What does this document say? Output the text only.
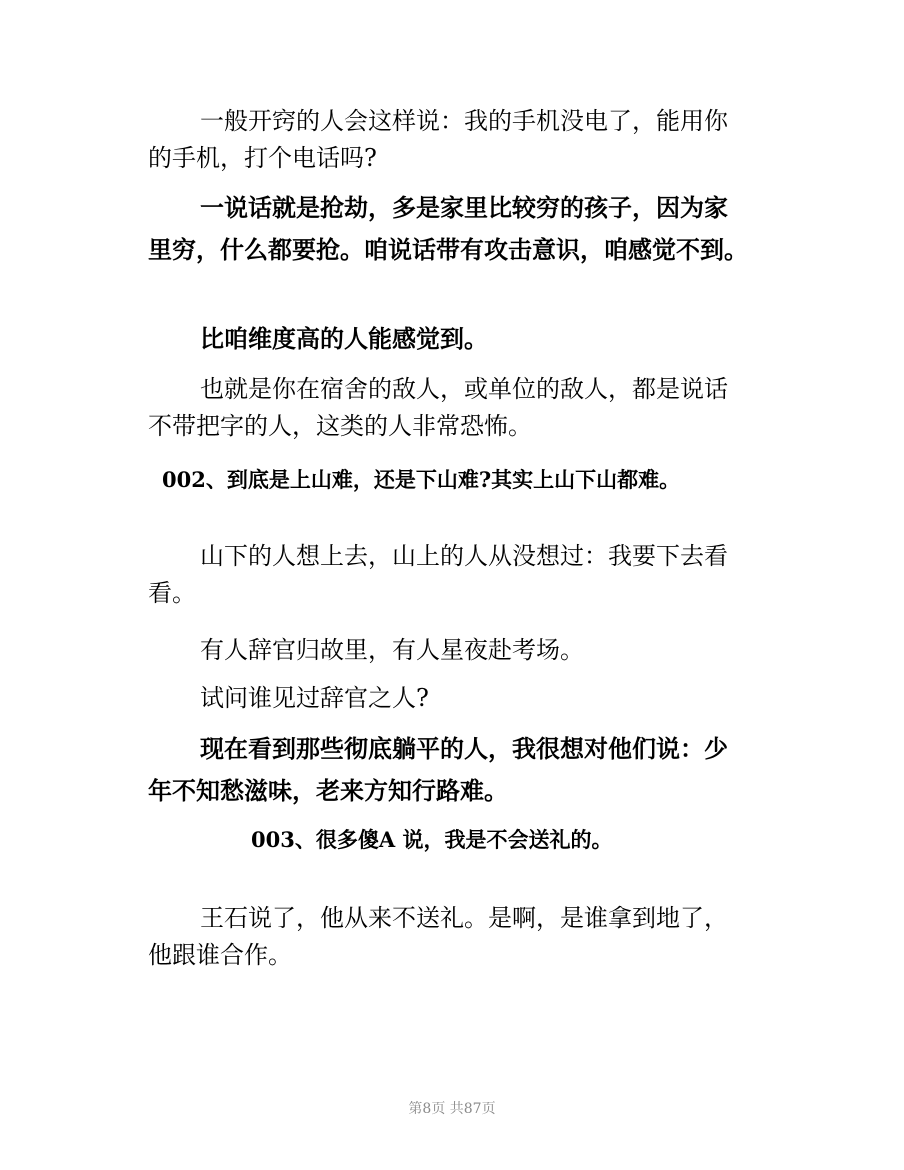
一般开窍的人会这样说：我的手机没电了，能用你的手机，打个电话吗?

一说话就是抢劫，多是家里比较穷的孩子，因为家里穷，什么都要抢。咱说话带有攻击意识，咱感觉不到。

比咱维度高的人能感觉到。

也就是你在宿舍的敌人，或单位的敌人，都是说话不带把字的人，这类的人非常恐怖。

002、到底是上山难，还是下山难?其实上山下山都难。

山下的人想上去，山上的人从没想过：我要下去看看。

有人辞官归故里，有人星夜赴考场。

试问谁见过辞官之人?

现在看到那些彻底躺平的人，我很想对他们说：少年不知愁滋味，老来方知行路难。

003、很多傻A 说，我是不会送礼的。

王石说了，他从来不送礼。是啊，是谁拿到地了，他跟谁合作。

第8页 共87页
